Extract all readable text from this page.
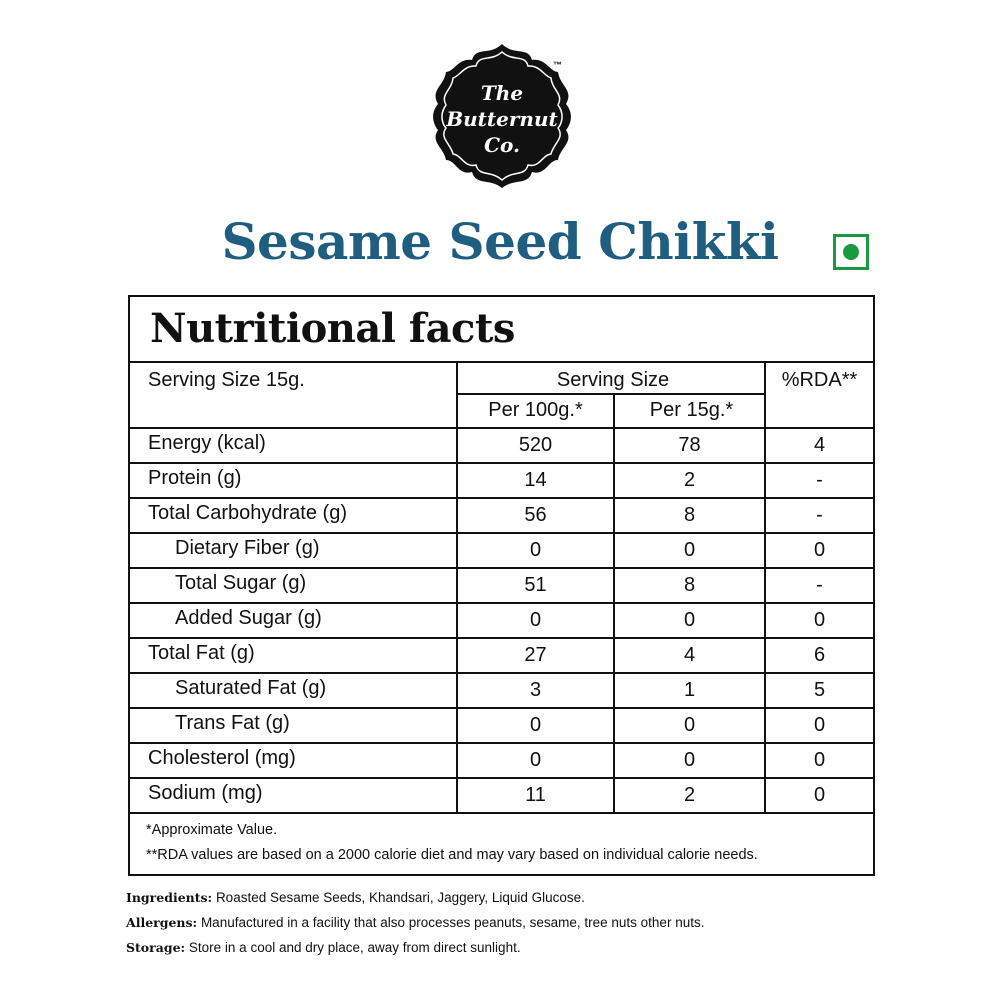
The
Butternut
Co.
™
Sesame Seed Chikki
Nutritional facts
Serving Size 15g.	Serving Size
Per 100g.*	Per 15g.*
%RDA**
Energy (kcal)	520	78	4
Protein (g)	14	2	-
Total Carbohydrate (g)	56	8	-
Dietary Fiber (g)	0	0	0
Total Sugar (g)	51	8	-
Added Sugar (g)	0	0	0
Total Fat (g)	27	4	6
Saturated Fat (g)	3	1	5
Trans Fat (g)	0	0	0
Cholesterol (mg)	0	0	0
Sodium (mg)	11	2	0
*Approximate Value.
**RDA values are based on a 2000 calorie diet and may vary based on individual calorie needs.
Ingredients: Roasted Sesame Seeds, Khandsari, Jaggery, Liquid Glucose.
Allergens: Manufactured in a facility that also processes peanuts, sesame, tree nuts other nuts.
Storage: Store in a cool and dry place, away from direct sunlight.
